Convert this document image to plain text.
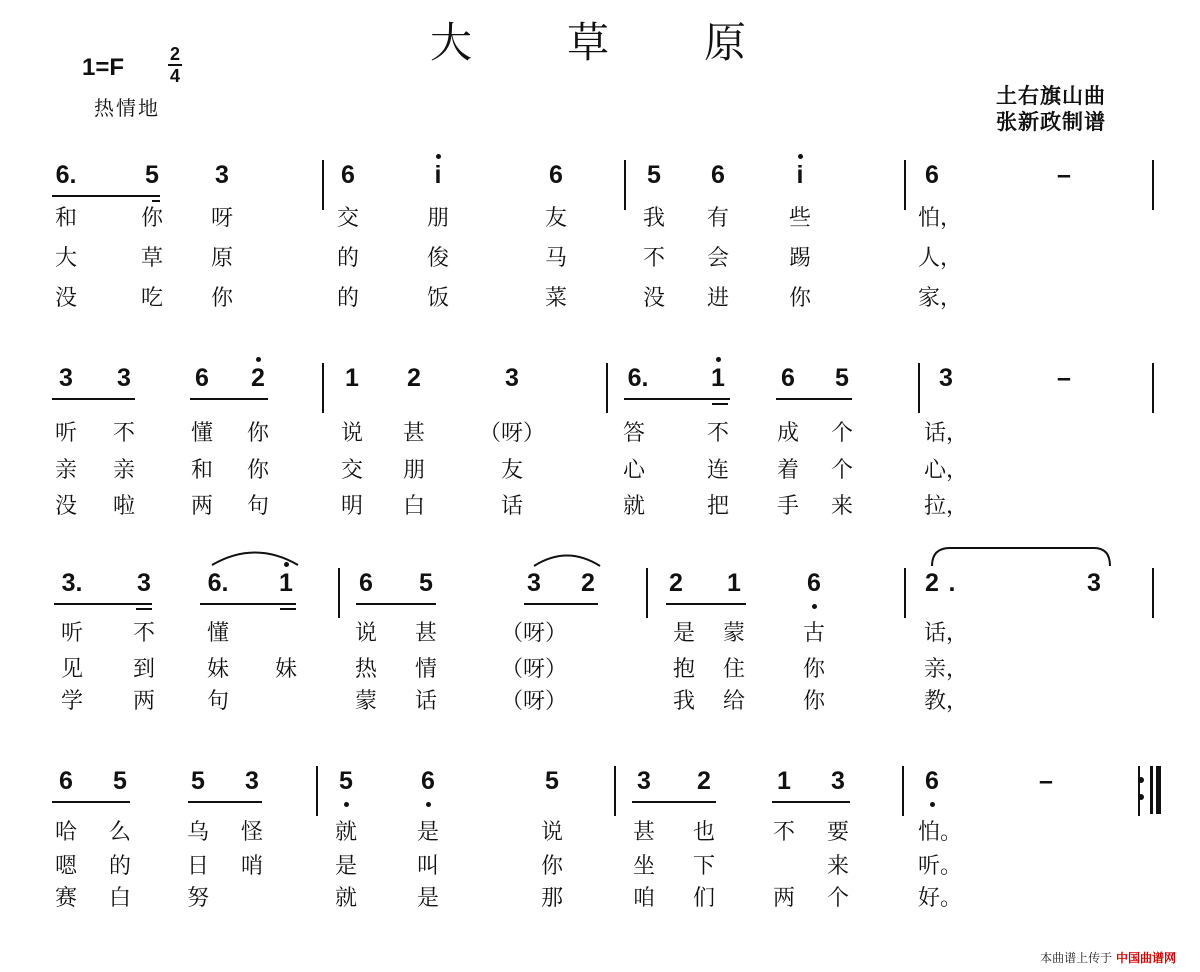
大 草 原
1=F	2
4
热情地	土右旗山曲
张新政制谱
6.	5 3	6	i	6	5 6	i	6	–
和	你 呀	交	朋	友	我 有	些	怕，
大	草 原	的	俊	马	不 会	踢	人，
没	吃 你	的	饭	菜	没 进	你	家，
3 3	6 2	1 2	3	6.	1 6 5	3	–
听 不	懂 你	说 甚 （呀）	答	不 成 个	话，
亲 亲	和 你	交 朋	友	心	连 着 个	心，
没 啦	两 句	明 白	话	就	把 手 来	拉，
3. 3 6. 1	6 5	3 2	2 1	6	2 .	3
听 不 懂	说 甚	（呀）	是 蒙	古	话，
见 到 妹 妹	热 情	（呀）	抱 住	你	亲，
学 两 句	蒙 话	（呀）	我 给	你	教，
6 5	5 3	5	6	5	3 2	1 3	6	–
哈 么	乌 怪	就	是	说	甚 也	不 要	怕。
嗯 的	日 哨	是	叫	你	坐 下	来	听。
赛 白	努	就	是	那	咱 们	两 个	好。
本曲谱上传于 中国曲谱网
